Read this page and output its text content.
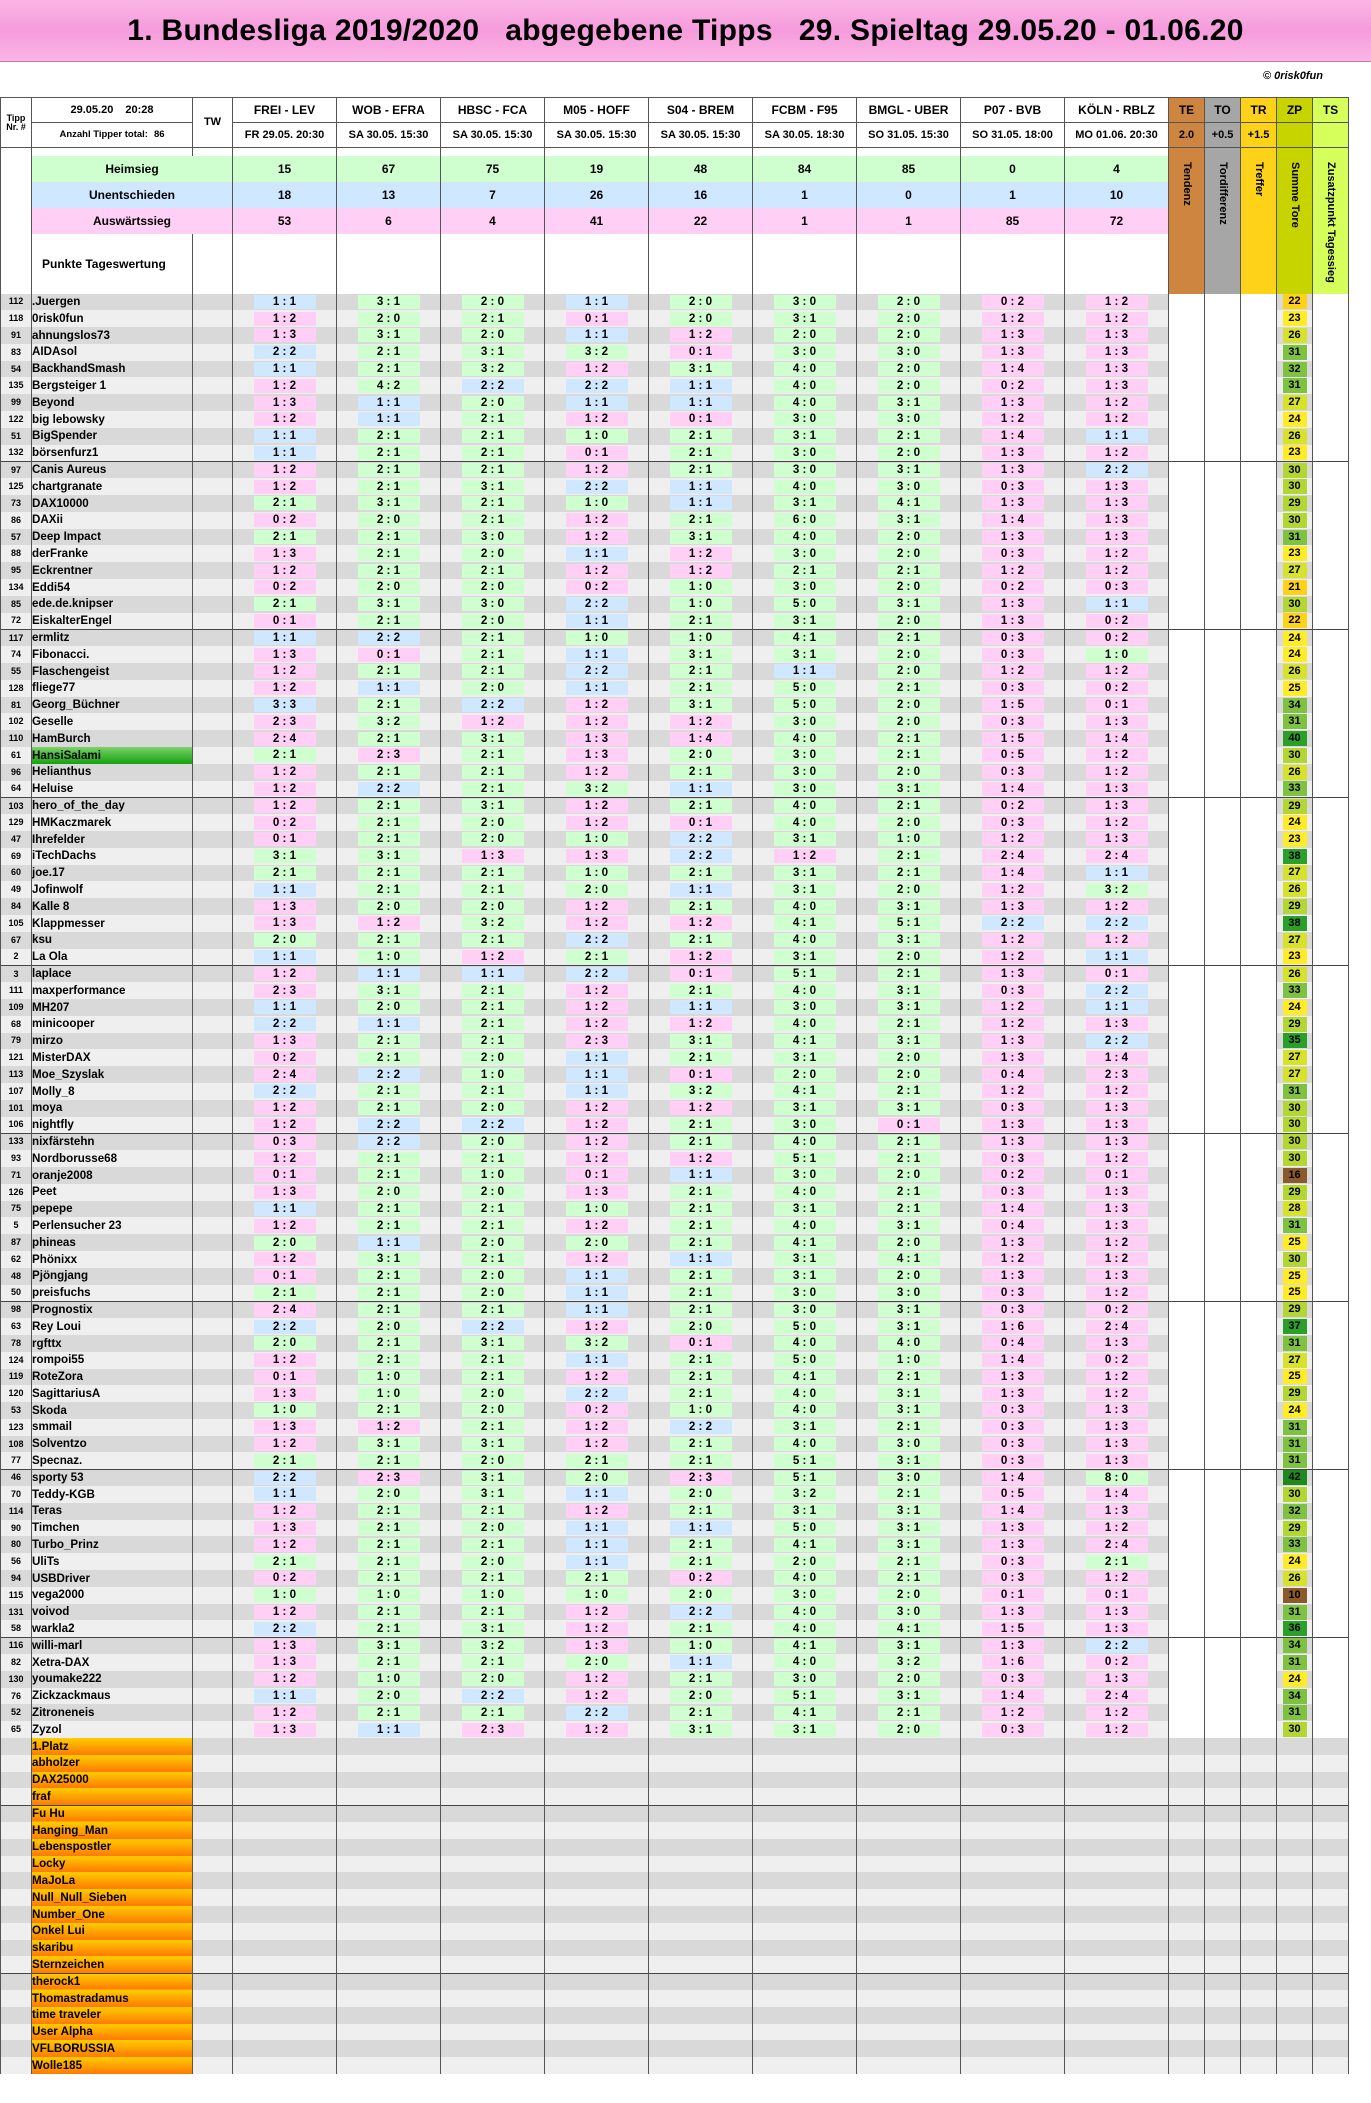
1. Bundesliga 2019/2020   abgegebene Tipps   29. Spieltag 29.05.20 - 01.06.20
© 0risk0fun
Tipp Nr. #	29.05.20 20:28	TW	FREI - LEV	WOB - EFRA	HBSC - FCA	M05 - HOFF	S04 - BREM	FCBM - F95	BMGL - UBER	P07 - BVB	KÖLN - RBLZ	TE	TO	TR	ZP	TS
	Anzahl Tipper total: 86		FR 29.05. 20:30	SA 30.05. 15:30	SA 30.05. 15:30	SA 30.05. 15:30	SA 30.05. 15:30	SA 30.05. 18:30	SO 31.05. 15:30	SO 31.05. 18:00	MO 01.06. 20:30	2.0	+0.5	+1.5		

	Heimsieg		15	67	75	19	48	84	85	0	4	Tendenz	Tordifferenz	Treffer	Summe Tore	Zusatzpunkt Tagessieg

	Unentschieden		18	13	7	26	16	1	0	1	10					
	Auswärtssieg		53	6	4	41	22	1	1	85	72					
	Punkte Tageswertung															

112	.Juergen		1 : 1	3 : 1	2 : 0	1 : 1	2 : 0	3 : 0	2 : 0	0 : 2	1 : 2				22	
118	0risk0fun		1 : 2	2 : 0	2 : 1	0 : 1	2 : 0	3 : 1	2 : 0	1 : 2	1 : 2				23	
91	ahnungslos73		1 : 3	3 : 1	2 : 0	1 : 1	1 : 2	2 : 0	2 : 0	1 : 3	1 : 3				26	
83	AIDAsol		2 : 2	2 : 1	3 : 1	3 : 2	0 : 1	3 : 0	3 : 0	1 : 3	1 : 3				31	
54	BackhandSmash		1 : 1	2 : 1	3 : 2	1 : 2	3 : 1	4 : 0	2 : 0	1 : 4	1 : 3				32	
135	Bergsteiger 1		1 : 2	4 : 2	2 : 2	2 : 2	1 : 1	4 : 0	2 : 0	0 : 2	1 : 3				31	
99	Beyond		1 : 3	1 : 1	2 : 0	1 : 1	1 : 1	4 : 0	3 : 1	1 : 3	1 : 2				27	
122	big lebowsky		1 : 2	1 : 1	2 : 1	1 : 2	0 : 1	3 : 0	3 : 0	1 : 2	1 : 2				24	
51	BigSpender		1 : 1	2 : 1	2 : 1	1 : 0	2 : 1	3 : 1	2 : 1	1 : 4	1 : 1				26	
132	börsenfurz1		1 : 1	2 : 1	2 : 1	0 : 1	2 : 1	3 : 0	2 : 0	1 : 3	1 : 2				23	
97	Canis Aureus		1 : 2	2 : 1	2 : 1	1 : 2	2 : 1	3 : 0	3 : 1	1 : 3	2 : 2				30	
125	chartgranate		1 : 2	2 : 1	3 : 1	2 : 2	1 : 1	4 : 0	3 : 0	0 : 3	1 : 3				30	
73	DAX10000		2 : 1	3 : 1	2 : 1	1 : 0	1 : 1	3 : 1	4 : 1	1 : 3	1 : 3				29	
86	DAXii		0 : 2	2 : 0	2 : 1	1 : 2	2 : 1	6 : 0	3 : 1	1 : 4	1 : 3				30	
57	Deep Impact		2 : 1	2 : 1	3 : 0	1 : 2	3 : 1	4 : 0	2 : 0	1 : 3	1 : 3				31	
88	derFranke		1 : 3	2 : 1	2 : 0	1 : 1	1 : 2	3 : 0	2 : 0	0 : 3	1 : 2				23	
95	Eckrentner		1 : 2	2 : 1	2 : 1	1 : 2	1 : 2	2 : 1	2 : 1	1 : 2	1 : 2				27	
134	Eddi54		0 : 2	2 : 0	2 : 0	0 : 2	1 : 0	3 : 0	2 : 0	0 : 2	0 : 3				21	
85	ede.de.knipser		2 : 1	3 : 1	3 : 0	2 : 2	1 : 0	5 : 0	3 : 1	1 : 3	1 : 1				30	
72	EiskalterEngel		0 : 1	2 : 1	2 : 0	1 : 1	2 : 1	3 : 1	2 : 0	1 : 3	0 : 2				22	
117	ermlitz		1 : 1	2 : 2	2 : 1	1 : 0	1 : 0	4 : 1	2 : 1	0 : 3	0 : 2				24	
74	Fibonacci.		1 : 3	0 : 1	2 : 1	1 : 1	3 : 1	3 : 1	2 : 0	0 : 3	1 : 0				24	
55	Flaschengeist		1 : 2	2 : 1	2 : 1	2 : 2	2 : 1	1 : 1	2 : 0	1 : 2	1 : 2				26	
128	fliege77		1 : 2	1 : 1	2 : 0	1 : 1	2 : 1	5 : 0	2 : 1	0 : 3	0 : 2				25	
81	Georg_Büchner		3 : 3	2 : 1	2 : 2	1 : 2	3 : 1	5 : 0	2 : 0	1 : 5	0 : 1				34	
102	Geselle		2 : 3	3 : 2	1 : 2	1 : 2	1 : 2	3 : 0	2 : 0	0 : 3	1 : 3				31	
110	HamBurch		2 : 4	2 : 1	3 : 1	1 : 3	1 : 4	4 : 0	2 : 1	1 : 5	1 : 4				40	
61	HansiSalami		2 : 1	2 : 3	2 : 1	1 : 3	2 : 0	3 : 0	2 : 1	0 : 5	1 : 2				30	
96	Helianthus		1 : 2	2 : 1	2 : 1	1 : 2	2 : 1	3 : 0	2 : 0	0 : 3	1 : 2				26	
64	Heluise		1 : 2	2 : 2	2 : 1	3 : 2	1 : 1	3 : 0	3 : 1	1 : 4	1 : 3				33	
103	hero_of_the_day		1 : 2	2 : 1	3 : 1	1 : 2	2 : 1	4 : 0	2 : 1	0 : 2	1 : 3				29	
129	HMKaczmarek		0 : 2	2 : 1	2 : 0	1 : 2	0 : 1	4 : 0	2 : 0	0 : 3	1 : 2				24	
47	Ihrefelder		0 : 1	2 : 1	2 : 0	1 : 0	2 : 2	3 : 1	1 : 0	1 : 2	1 : 3				23	
69	iTechDachs		3 : 1	3 : 1	1 : 3	1 : 3	2 : 2	1 : 2	2 : 1	2 : 4	2 : 4				38	
60	joe.17		2 : 1	2 : 1	2 : 1	1 : 0	2 : 1	3 : 1	2 : 1	1 : 4	1 : 1				27	
49	Jofinwolf		1 : 1	2 : 1	2 : 1	2 : 0	1 : 1	3 : 1	2 : 0	1 : 2	3 : 2				26	
84	Kalle 8		1 : 3	2 : 0	2 : 0	1 : 2	2 : 1	4 : 0	3 : 1	1 : 3	1 : 2				29	
105	Klappmesser		1 : 3	1 : 2	3 : 2	1 : 2	1 : 2	4 : 1	5 : 1	2 : 2	2 : 2				38	
67	ksu		2 : 0	2 : 1	2 : 1	2 : 2	2 : 1	4 : 0	3 : 1	1 : 2	1 : 2				27	
2	La Ola		1 : 1	1 : 0	1 : 2	2 : 1	1 : 2	3 : 1	2 : 0	1 : 2	1 : 1				23	
3	laplace		1 : 2	1 : 1	1 : 1	2 : 2	0 : 1	5 : 1	2 : 1	1 : 3	0 : 1				26	
111	maxperformance		2 : 3	3 : 1	2 : 1	1 : 2	2 : 1	4 : 0	3 : 1	0 : 3	2 : 2				33	
109	MH207		1 : 1	2 : 0	2 : 1	1 : 2	1 : 1	3 : 0	3 : 1	1 : 2	1 : 1				24	
68	minicooper		2 : 2	1 : 1	2 : 1	1 : 2	1 : 2	4 : 0	2 : 1	1 : 2	1 : 3				29	
79	mirzo		1 : 3	2 : 1	2 : 1	2 : 3	3 : 1	4 : 1	3 : 1	1 : 3	2 : 2				35	
121	MisterDAX		0 : 2	2 : 1	2 : 0	1 : 1	2 : 1	3 : 1	2 : 0	1 : 3	1 : 4				27	
113	Moe_Szyslak		2 : 4	2 : 2	1 : 0	1 : 1	0 : 1	2 : 0	2 : 0	0 : 4	2 : 3				27	
107	Molly_8		2 : 2	2 : 1	2 : 1	1 : 1	3 : 2	4 : 1	2 : 1	1 : 2	1 : 2				31	
101	moya		1 : 2	2 : 1	2 : 0	1 : 2	1 : 2	3 : 1	3 : 1	0 : 3	1 : 3				30	
106	nightfly		1 : 2	2 : 2	2 : 2	1 : 2	2 : 1	3 : 0	0 : 1	1 : 3	1 : 3				30	
133	nixfärstehn		0 : 3	2 : 2	2 : 0	1 : 2	2 : 1	4 : 0	2 : 1	1 : 3	1 : 3				30	
93	Nordborusse68		1 : 2	2 : 1	2 : 1	1 : 2	1 : 2	5 : 1	2 : 1	0 : 3	1 : 2				30	
71	oranje2008		0 : 1	2 : 1	1 : 0	0 : 1	1 : 1	3 : 0	2 : 0	0 : 2	0 : 1				16	
126	Peet		1 : 3	2 : 0	2 : 0	1 : 3	2 : 1	4 : 0	2 : 1	0 : 3	1 : 3				29	
75	pepepe		1 : 1	2 : 1	2 : 1	1 : 0	2 : 1	3 : 1	2 : 1	1 : 4	1 : 3				28	
5	Perlensucher 23		1 : 2	2 : 1	2 : 1	1 : 2	2 : 1	4 : 0	3 : 1	0 : 4	1 : 3				31	
87	phineas		2 : 0	1 : 1	2 : 0	2 : 0	2 : 1	4 : 1	2 : 0	1 : 3	1 : 2				25	
62	Phönixx		1 : 2	3 : 1	2 : 1	1 : 2	1 : 1	3 : 1	4 : 1	1 : 2	1 : 2				30	
48	Pjöngjang		0 : 1	2 : 1	2 : 0	1 : 1	2 : 1	3 : 1	2 : 0	1 : 3	1 : 3				25	
50	preisfuchs		2 : 1	2 : 1	2 : 0	1 : 1	2 : 1	3 : 0	3 : 0	0 : 3	1 : 2				25	
98	Prognostix		2 : 4	2 : 1	2 : 1	1 : 1	2 : 1	3 : 0	3 : 1	0 : 3	0 : 2				29	
63	Rey Loui		2 : 2	2 : 0	2 : 2	1 : 2	2 : 0	5 : 0	3 : 1	1 : 6	2 : 4				37	
78	rgfttx		2 : 0	2 : 1	3 : 1	3 : 2	0 : 1	4 : 0	4 : 0	0 : 4	1 : 3				31	
124	rompoi55		1 : 2	2 : 1	2 : 1	1 : 1	2 : 1	5 : 0	1 : 0	1 : 4	0 : 2				27	
119	RoteZora		0 : 1	1 : 0	2 : 1	1 : 2	2 : 1	4 : 1	2 : 1	1 : 3	1 : 2				25	
120	SagittariusA		1 : 3	1 : 0	2 : 0	2 : 2	2 : 1	4 : 0	3 : 1	1 : 3	1 : 2				29	
53	Skoda		1 : 0	2 : 1	2 : 0	0 : 2	1 : 0	4 : 0	3 : 1	0 : 3	1 : 3				24	
123	smmail		1 : 3	1 : 2	2 : 1	1 : 2	2 : 2	3 : 1	2 : 1	0 : 3	1 : 3				31	
108	Solventzo		1 : 2	3 : 1	3 : 1	1 : 2	2 : 1	4 : 0	3 : 0	0 : 3	1 : 3				31	
77	Specnaz.		2 : 1	2 : 1	2 : 0	2 : 1	2 : 1	5 : 1	3 : 1	0 : 3	1 : 3				31	
46	sporty 53		2 : 2	2 : 3	3 : 1	2 : 0	2 : 3	5 : 1	3 : 0	1 : 4	8 : 0				42	
70	Teddy-KGB		1 : 1	2 : 0	3 : 1	1 : 1	2 : 0	3 : 2	2 : 1	0 : 5	1 : 4				30	
114	Teras		1 : 2	2 : 1	2 : 1	1 : 2	2 : 1	3 : 1	3 : 1	1 : 4	1 : 3				32	
90	Timchen		1 : 3	2 : 1	2 : 0	1 : 1	1 : 1	5 : 0	3 : 1	1 : 3	1 : 2				29	
80	Turbo_Prinz		1 : 2	2 : 1	2 : 1	1 : 1	2 : 1	4 : 1	3 : 1	1 : 3	2 : 4				33	
56	UliTs		2 : 1	2 : 1	2 : 0	1 : 1	2 : 1	2 : 0	2 : 1	0 : 3	2 : 1				24	
94	USBDriver		0 : 2	2 : 1	2 : 1	2 : 1	0 : 2	4 : 0	2 : 1	0 : 3	1 : 2				26	
115	vega2000		1 : 0	1 : 0	1 : 0	1 : 0	2 : 0	3 : 0	2 : 0	0 : 1	0 : 1				10	
131	voivod		1 : 2	2 : 1	2 : 1	1 : 2	2 : 2	4 : 0	3 : 0	1 : 3	1 : 3				31	
58	warkla2		2 : 2	2 : 1	3 : 1	1 : 2	2 : 1	4 : 0	4 : 1	1 : 5	1 : 3				36	
116	willi-marl		1 : 3	3 : 1	3 : 2	1 : 3	1 : 0	4 : 1	3 : 1	1 : 3	2 : 2				34	
82	Xetra-DAX		1 : 3	2 : 1	2 : 1	2 : 0	1 : 1	4 : 0	3 : 2	1 : 6	0 : 2				31	
130	youmake222		1 : 2	1 : 0	2 : 0	1 : 2	2 : 1	3 : 0	2 : 0	0 : 3	1 : 3				24	
76	Zickzackmaus		1 : 1	2 : 0	2 : 2	1 : 2	2 : 0	5 : 1	3 : 1	1 : 4	2 : 4				34	
52	Zitroneneis		1 : 2	2 : 1	2 : 1	2 : 2	2 : 1	4 : 1	2 : 1	1 : 2	1 : 2				31	
65	Zyzol		1 : 3	1 : 1	2 : 3	1 : 2	3 : 1	3 : 1	2 : 0	0 : 3	1 : 2				30	
	1.Platz															
	abholzer															
	DAX25000															
	fraf															
	Fu Hu															
	Hanging_Man															
	Lebenspostler															
	Locky															
	MaJoLa															
	Null_Null_Sieben															
	Number_One															
	Onkel Lui															
	skaribu															
	Sternzeichen															
	therock1															
	Thomastradamus															
	time traveler															
	User Alpha															
	VFLBORUSSIA															
	Wolle185															
